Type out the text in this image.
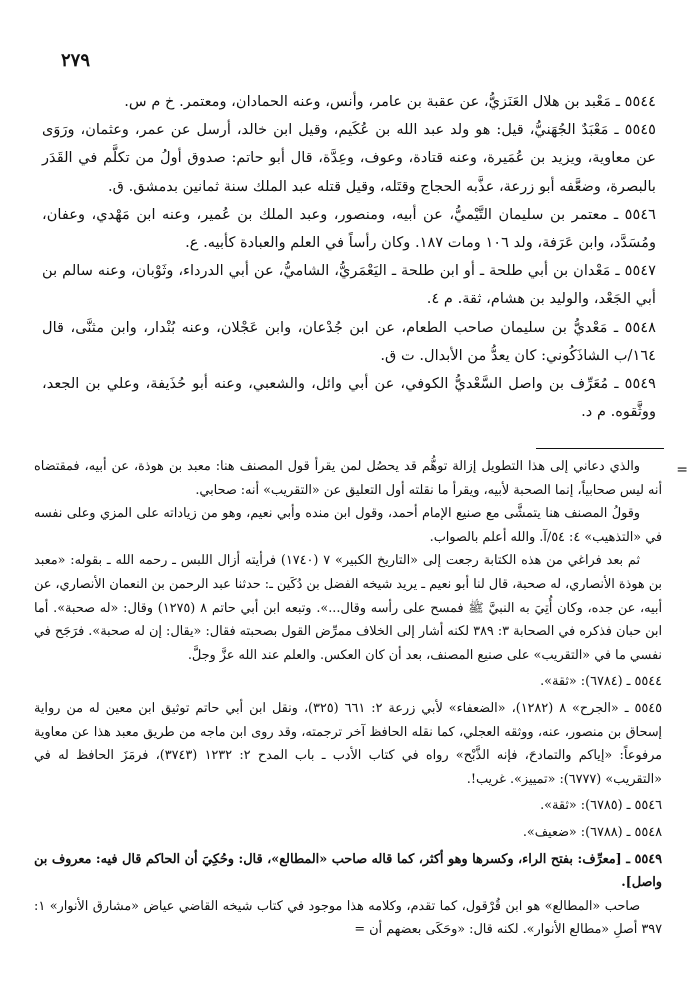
٢٧٩

٥٥٤٤ ـ مَعْبد بن هلال العَنَزيُّ، عن عقبة بن عامر، وأنس، وعنه الحمادان، ومعتمر. خ م س.

٥٥٤٥ ـ مَعْبَدٌ الجُهَنيُّ، قيل: هو ولد عبد الله بن عُكَيم، وقيل ابن خالد، أرسل عن عمر، وعثمان، ورَوَى عن معاوية، ويزيد بن عُمَيرة، وعنه قتادة، وعوف، وعِدَّة، قال أبو حاتم: صدوق أولُ من تكلَّم في القَدَر بالبصرة، وضعَّفه أبو زرعة، عذَّبه الحجاج وقتَله، وقيل قتله عبد الملك سنة ثمانين بدمشق. ق.

٥٥٤٦ ـ معتمر بن سليمان التَّيْميُّ، عن أبيه، ومنصور، وعبد الملك بن عُمير، وعنه ابن مَهْدي، وعفان، ومُسَدَّد، وابن عَرَفة، ولد ١٠٦ ومات ١٨٧. وكان رأساً في العلم والعبادة كأبيه. ع.

٥٥٤٧ ـ مَعْدان بن أبي طلحة ـ أو ابن طلحة ـ اليَعْمَريُّ، الشاميُّ، عن أبي الدرداء، وثَوْبان، وعنه سالم بن أبي الجَعْد، والوليد بن هشام، ثقة. م ٤.

٥٥٤٨ ـ مَعْديُّ بن سليمان صاحب الطعام، عن ابن جُدْعان، وابن عَجْلان، وعنه بُنْدار، وابن مثنَّى، قال ١٦٤/ب الشاذَكُوني: كان يعدُّ من الأبدال. ت ق.

٥٥٤٩ ـ مُعَرِّف بن واصل السَّعْديُّ الكوفي، عن أبي وائل، والشعبي، وعنه أبو حُذَيفة، وعلي بن الجعد، ووثَّقوه. م د.

=

والذي دعاني إلى هذا التطويل إزالة توهُّم قد يحصُل لمن يقرأ قول المصنف هنا: معبد بن هوذة، عن أبيه، فمقتضاه أنه ليس صحابياً، إنما الصحبة لأبيه، ويقرأ ما نقلته أول التعليق عن «التقريب» أنه: صحابي.

وقولُ المصنف هنا يتمشَّى مع صنيع الإمام أحمد، وقول ابن منده وأبي نعيم، وهو من زياداته على المزي وعلى نفسه في «التذهيب» ٤: ٥٤/آ. والله أعلم بالصواب.

ثم بعد فراغي من هذه الكتابة رجعت إلى «التاريخ الكبير» ٧ (١٧٤٠) فرأيته أزال اللبس ـ رحمه الله ـ بقوله: «معبد بن هوذة الأنصاري، له صحبة، قال لنا أبو نعيم ـ يريد شيخه الفضل بن دُكَين ـ: حدثنا عبد الرحمن بن النعمان الأنصاري، عن أبيه، عن جده، وكان أُتِيَ به النبيَّ ﷺ فمسح على رأسه وقال...». وتبعه ابن أبي حاتم ٨ (١٢٧٥) وقال: «له صحبة». أما ابن حبان فذكره في الصحابة ٣: ٣٨٩ لكنه أشار إلى الخلاف ممرِّض القول بصحبته فقال: «يقال: إن له صحبة». فرَجَح في نفسي ما في «التقريب» على صنيع المصنف، بعد أن كان العكس. والعلم عند الله عزَّ وجلَّ.

٥٥٤٤ ـ (٦٧٨٤): «ثقة».

٥٥٤٥ ـ «الجرح» ٨ (١٢٨٢)، «الضعفاء» لأبي زرعة ٢: ٦٦١ (٣٢٥)، ونقل ابن أبي حاتم توثيق ابن معين له من رواية إسحاق بن منصور، عنه، ووثقه العجلي، كما نقله الحافظ آخر ترجمته، وقد روى ابن ماجه من طريق معبد هذا عن معاوية مرفوعاً: «إياكم والتمادحَ، فإنه الذَّبْح» رواه في كتاب الأدب ـ باب المدح ٢: ١٢٣٢ (٣٧٤٣)، فرمَزَ الحافظ له في «التقريب» (٦٧٧٧): «تمييز». غريب!.

٥٥٤٦ ـ (٦٧٨٥): «ثقة».

٥٥٤٨ ـ (٦٧٨٨): «ضعيف».

٥٥٤٩ ـ [معرِّف: بفتح الراء، وكسرها وهو أكثر، كما قاله صاحب «المطالع»، قال: وحُكِيَ أن الحاكم قال فيه: معروف بن واصل].

صاحب «المطالع» هو ابن قُرْقول، كما تقدم، وكلامه هذا موجود في كتاب شيخه القاضي عياض «مشارق الأنوار» ١: ٣٩٧ أصلِ «مطالع الأنوار». لكنه قال: «وحَكَى بعضهم أن =
